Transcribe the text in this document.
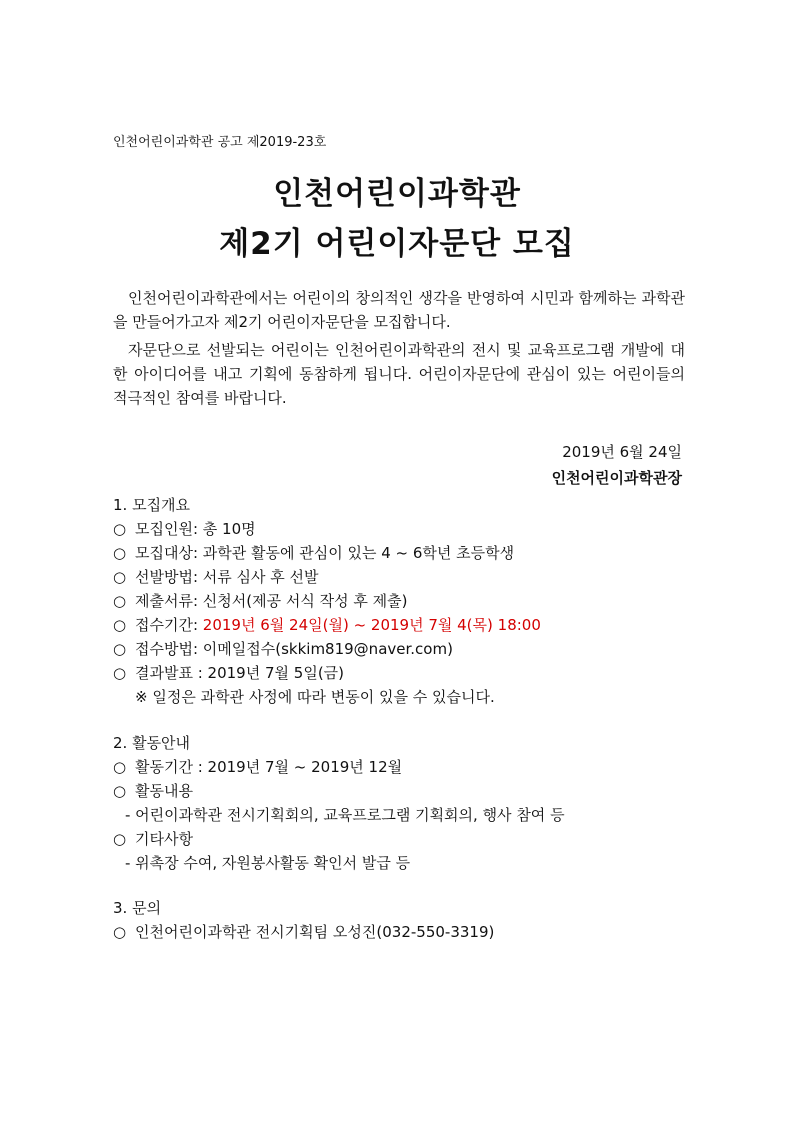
인천어린이과학관 공고 제2019-23호
인천어린이과학관
제2기 어린이자문단 모집

인천어린이과학관에서는 어린이의 창의적인 생각을 반영하여 시민과 함께하는 과학관을 만들어가고자 제2기 어린이자문단을 모집합니다.

자문단으로 선발되는 어린이는 인천어린이과학관의 전시 및 교육프로그램 개발에 대한 아이디어를 내고 기획에 동참하게 됩니다. 어린이자문단에 관심이 있는 어린이들의 적극적인 참여를 바랍니다.

2019년 6월 24일
인천어린이과학관장
1. 모집개요
○ 모집인원: 총 10명
○ 모집대상: 과학관 활동에 관심이 있는 4 ~ 6학년 초등학생
○ 선발방법: 서류 심사 후 선발
○ 제출서류: 신청서(제공 서식 작성 후 제출)
○ 접수기간: 2019년 6월 24일(월) ~ 2019년 7월 4(목) 18:00
○ 접수방법: 이메일접수(skkim819@naver.com)
○ 결과발표 : 2019년 7월 5일(금)
※ 일정은 과학관 사정에 따라 변동이 있을 수 있습니다.
2. 활동안내
○ 활동기간 : 2019년 7월 ~ 2019년 12월
○ 활동내용
- 어린이과학관 전시기획회의, 교육프로그램 기획회의, 행사 참여 등
○ 기타사항
- 위촉장 수여, 자원봉사활동 확인서 발급 등
3. 문의
○ 인천어린이과학관 전시기획팀 오성진(032-550-3319)
